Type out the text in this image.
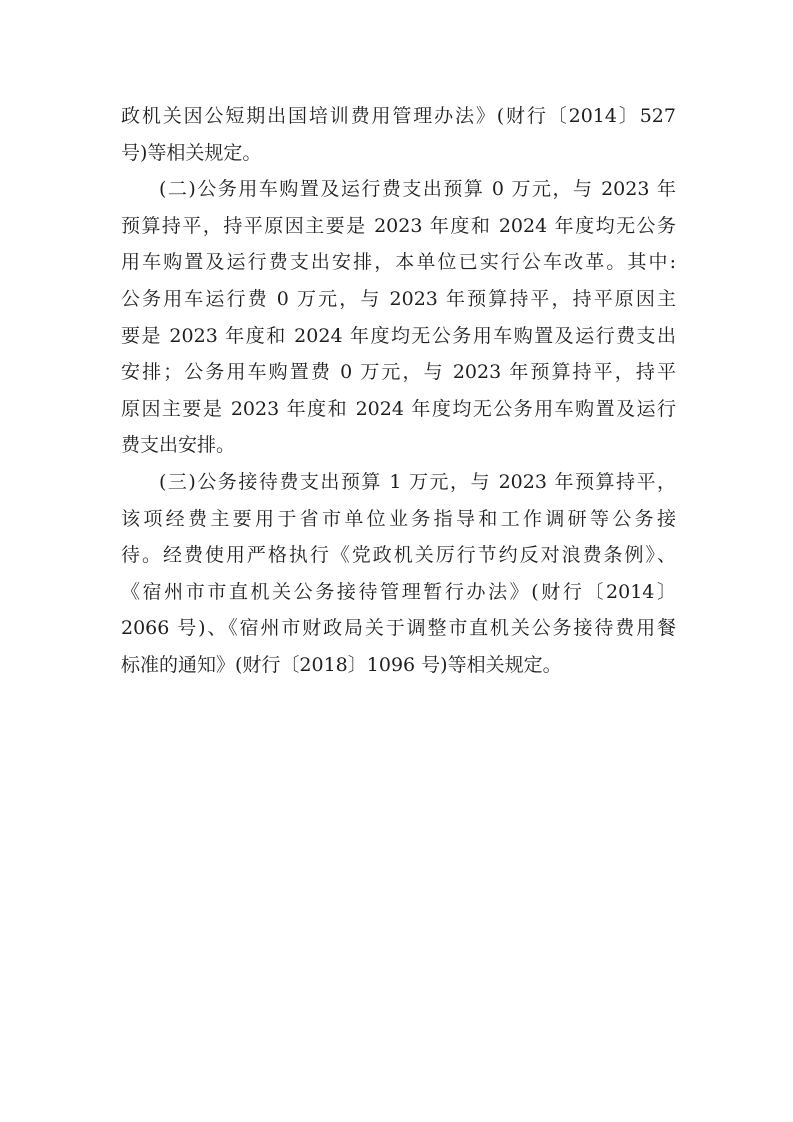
政机关因公短期出国培训费用管理办法》(财行〔2014〕527
号)等相关规定。
(二)公务用车购置及运行费支出预算 0 万元，与 2023 年
预算持平，持平原因主要是 2023 年度和 2024 年度均无公务
用车购置及运行费支出安排，本单位已实行公车改革。其中:
公务用车运行费 0 万元，与 2023 年预算持平，持平原因主
要是 2023 年度和 2024 年度均无公务用车购置及运行费支出
安排；公务用车购置费 0 万元，与 2023 年预算持平，持平
原因主要是 2023 年度和 2024 年度均无公务用车购置及运行
费支出安排。
(三)公务接待费支出预算 1 万元，与 2023 年预算持平，
该项经费主要用于省市单位业务指导和工作调研等公务接
待。经费使用严格执行《党政机关厉行节约反对浪费条例》、
《宿州市市直机关公务接待管理暂行办法》(财行〔2014〕
2066 号)、《宿州市财政局关于调整市直机关公务接待费用餐
标准的通知》(财行〔2018〕1096 号)等相关规定。
